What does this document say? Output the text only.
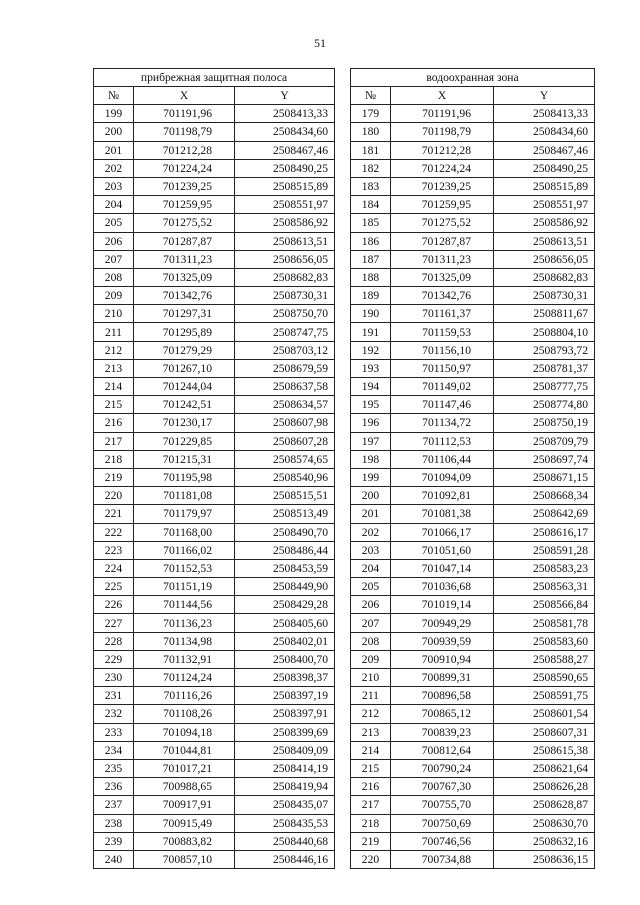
51
прибрежная защитная полоса		
№	X	Y
199	701191,96	2508413,33
200	701198,79	2508434,60
201	701212,28	2508467,46
202	701224,24	2508490,25
203	701239,25	2508515,89
204	701259,95	2508551,97
205	701275,52	2508586,92
206	701287,87	2508613,51
207	701311,23	2508656,05
208	701325,09	2508682,83
209	701342,76	2508730,31
210	701297,31	2508750,70
211	701295,89	2508747,75
212	701279,29	2508703,12
213	701267,10	2508679,59
214	701244,04	2508637,58
215	701242,51	2508634,57
216	701230,17	2508607,98
217	701229,85	2508607,28
218	701215,31	2508574,65
219	701195,98	2508540,96
220	701181,08	2508515,51
221	701179,97	2508513,49
222	701168,00	2508490,70
223	701166,02	2508486,44
224	701152,53	2508453,59
225	701151,19	2508449,90
226	701144,56	2508429,28
227	701136,23	2508405,60
228	701134,98	2508402,01
229	701132,91	2508400,70
230	701124,24	2508398,37
231	701116,26	2508397,19
232	701108,26	2508397,91
233	701094,18	2508399,69
234	701044,81	2508409,09
235	701017,21	2508414,19
236	700988,65	2508419,94
237	700917,91	2508435,07
238	700915,49	2508435,53
239	700883,82	2508440,68
240	700857,10	2508446,16
водоохранная зона		
№	X	Y
179	701191,96	2508413,33
180	701198,79	2508434,60
181	701212,28	2508467,46
182	701224,24	2508490,25
183	701239,25	2508515,89
184	701259,95	2508551,97
185	701275,52	2508586,92
186	701287,87	2508613,51
187	701311,23	2508656,05
188	701325,09	2508682,83
189	701342,76	2508730,31
190	701161,37	2508811,67
191	701159,53	2508804,10
192	701156,10	2508793,72
193	701150,97	2508781,37
194	701149,02	2508777,75
195	701147,46	2508774,80
196	701134,72	2508750,19
197	701112,53	2508709,79
198	701106,44	2508697,74
199	701094,09	2508671,15
200	701092,81	2508668,34
201	701081,38	2508642,69
202	701066,17	2508616,17
203	701051,60	2508591,28
204	701047,14	2508583,23
205	701036,68	2508563,31
206	701019,14	2508566,84
207	700949,29	2508581,78
208	700939,59	2508583,60
209	700910,94	2508588,27
210	700899,31	2508590,65
211	700896,58	2508591,75
212	700865,12	2508601,54
213	700839,23	2508607,31
214	700812,64	2508615,38
215	700790,24	2508621,64
216	700767,30	2508626,28
217	700755,70	2508628,87
218	700750,69	2508630,70
219	700746,56	2508632,16
220	700734,88	2508636,15
